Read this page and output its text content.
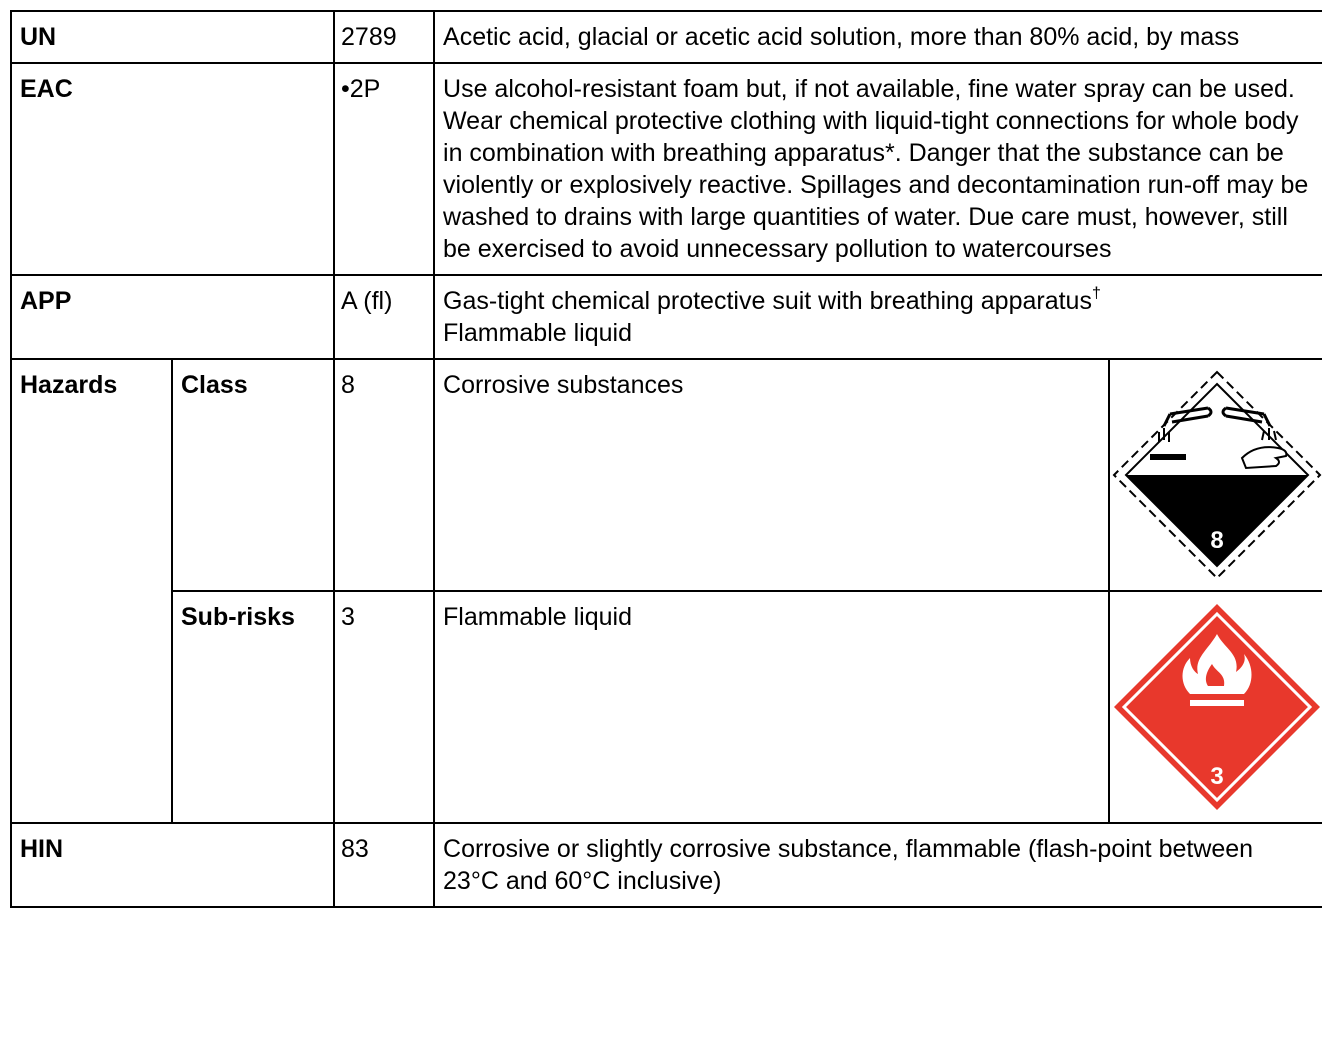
UN		2789	Acetic acid, glacial or acetic acid solution, more than 80% acid, by mass	
EAC		•2P	Use alcohol-resistant foam but, if not available, fine water spray can be used. Wear chemical protective clothing with liquid-tight connections for whole body in combination with breathing apparatus*. Danger that the substance can be violently or explosively reactive. Spillages and decontamination run-off may be washed to drains with large quantities of water. Due care must, however, still be exercised to avoid unnecessary pollution to watercourses	
APP		A (fl)	Gas-tight chemical protective suit with breathing apparatus†
Flammable liquid	
Hazards	Class	8	Corrosive substances	8

	Sub-risks	3	Flammable liquid	3

HIN		83	Corrosive or slightly corrosive substance, flammable (flash-point between 23°C and 60°C inclusive)	
